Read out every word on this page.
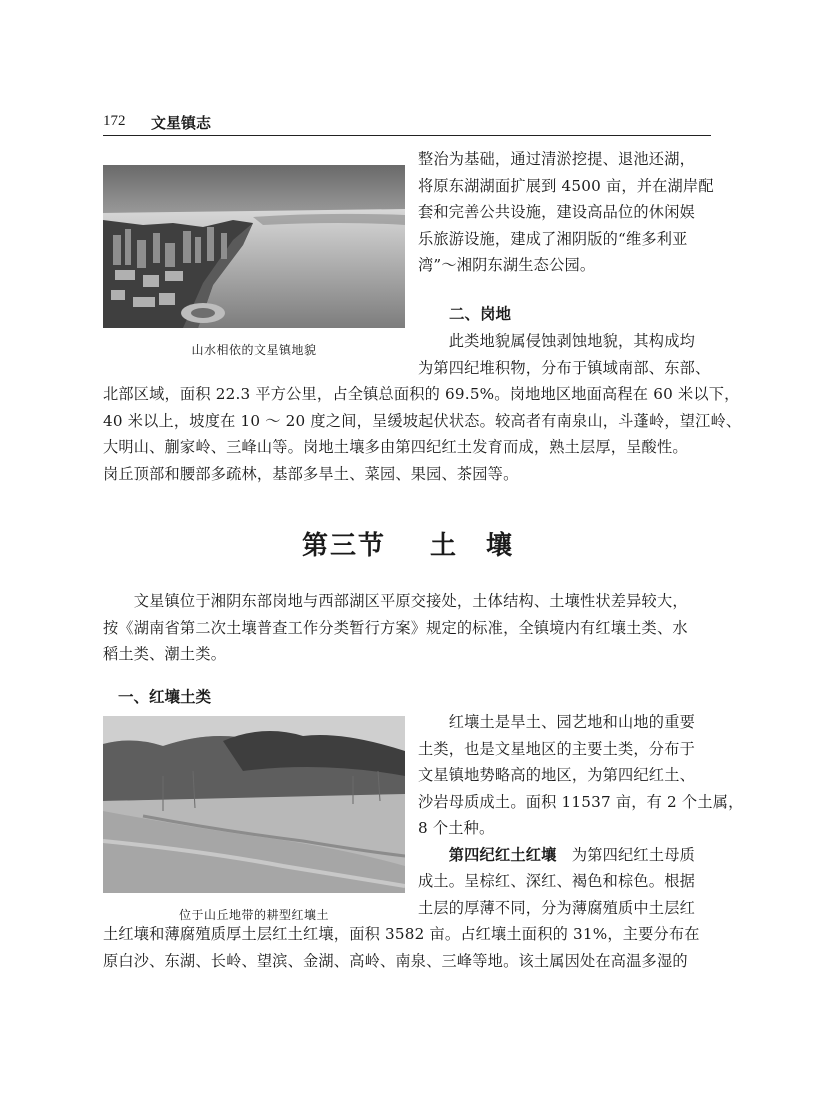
172 文星镇志
山水相依的文星镇地貌
整治为基础，通过清淤挖提、退池还湖，
将原东湖湖面扩展到 4500 亩，并在湖岸配
套和完善公共设施，建设高品位的休闲娱
乐旅游设施，建成了湘阴版的“维多利亚
湾”～湘阴东湖生态公园。
二、岗地
　　此类地貌属侵蚀剥蚀地貌，其构成均
为第四纪堆积物，分布于镇域南部、东部、
北部区域，面积 22.3 平方公里，占全镇总面积的 69.5%。岗地地区地面高程在 60 米以下，
40 米以上，坡度在 10 ～ 20 度之间，呈缓坡起伏状态。较高者有南泉山，斗蓬岭，望江岭、
大明山、蒯家岭、三峰山等。岗地土壤多由第四纪红土发育而成，熟土层厚，呈酸性。
岗丘顶部和腰部多疏林，基部多旱土、菜园、果园、茶园等。
第三节 土　壤
　　文星镇位于湘阴东部岗地与西部湖区平原交接处，土体结构、土壤性状差异较大，
按《湖南省第二次土壤普查工作分类暂行方案》规定的标准，全镇境内有红壤土类、水
稻土类、潮土类。
一、红壤土类
位于山丘地带的耕型红壤土
　　红壤土是旱土、园艺地和山地的重要
土类，也是文星地区的主要土类，分布于
文星镇地势略高的地区，为第四纪红土、
沙岩母质成土。面积 11537 亩，有 2 个土属，
8 个土种。
　　第四纪红土红壤　为第四纪红土母质
成土。呈棕红、深红、褐色和棕色。根据
土层的厚薄不同，分为薄腐殖质中土层红
土红壤和薄腐殖质厚土层红土红壤，面积 3582 亩。占红壤土面积的 31%，主要分布在
原白沙、东湖、长岭、望滨、金湖、高岭、南泉、三峰等地。该土属因处在高温多湿的
